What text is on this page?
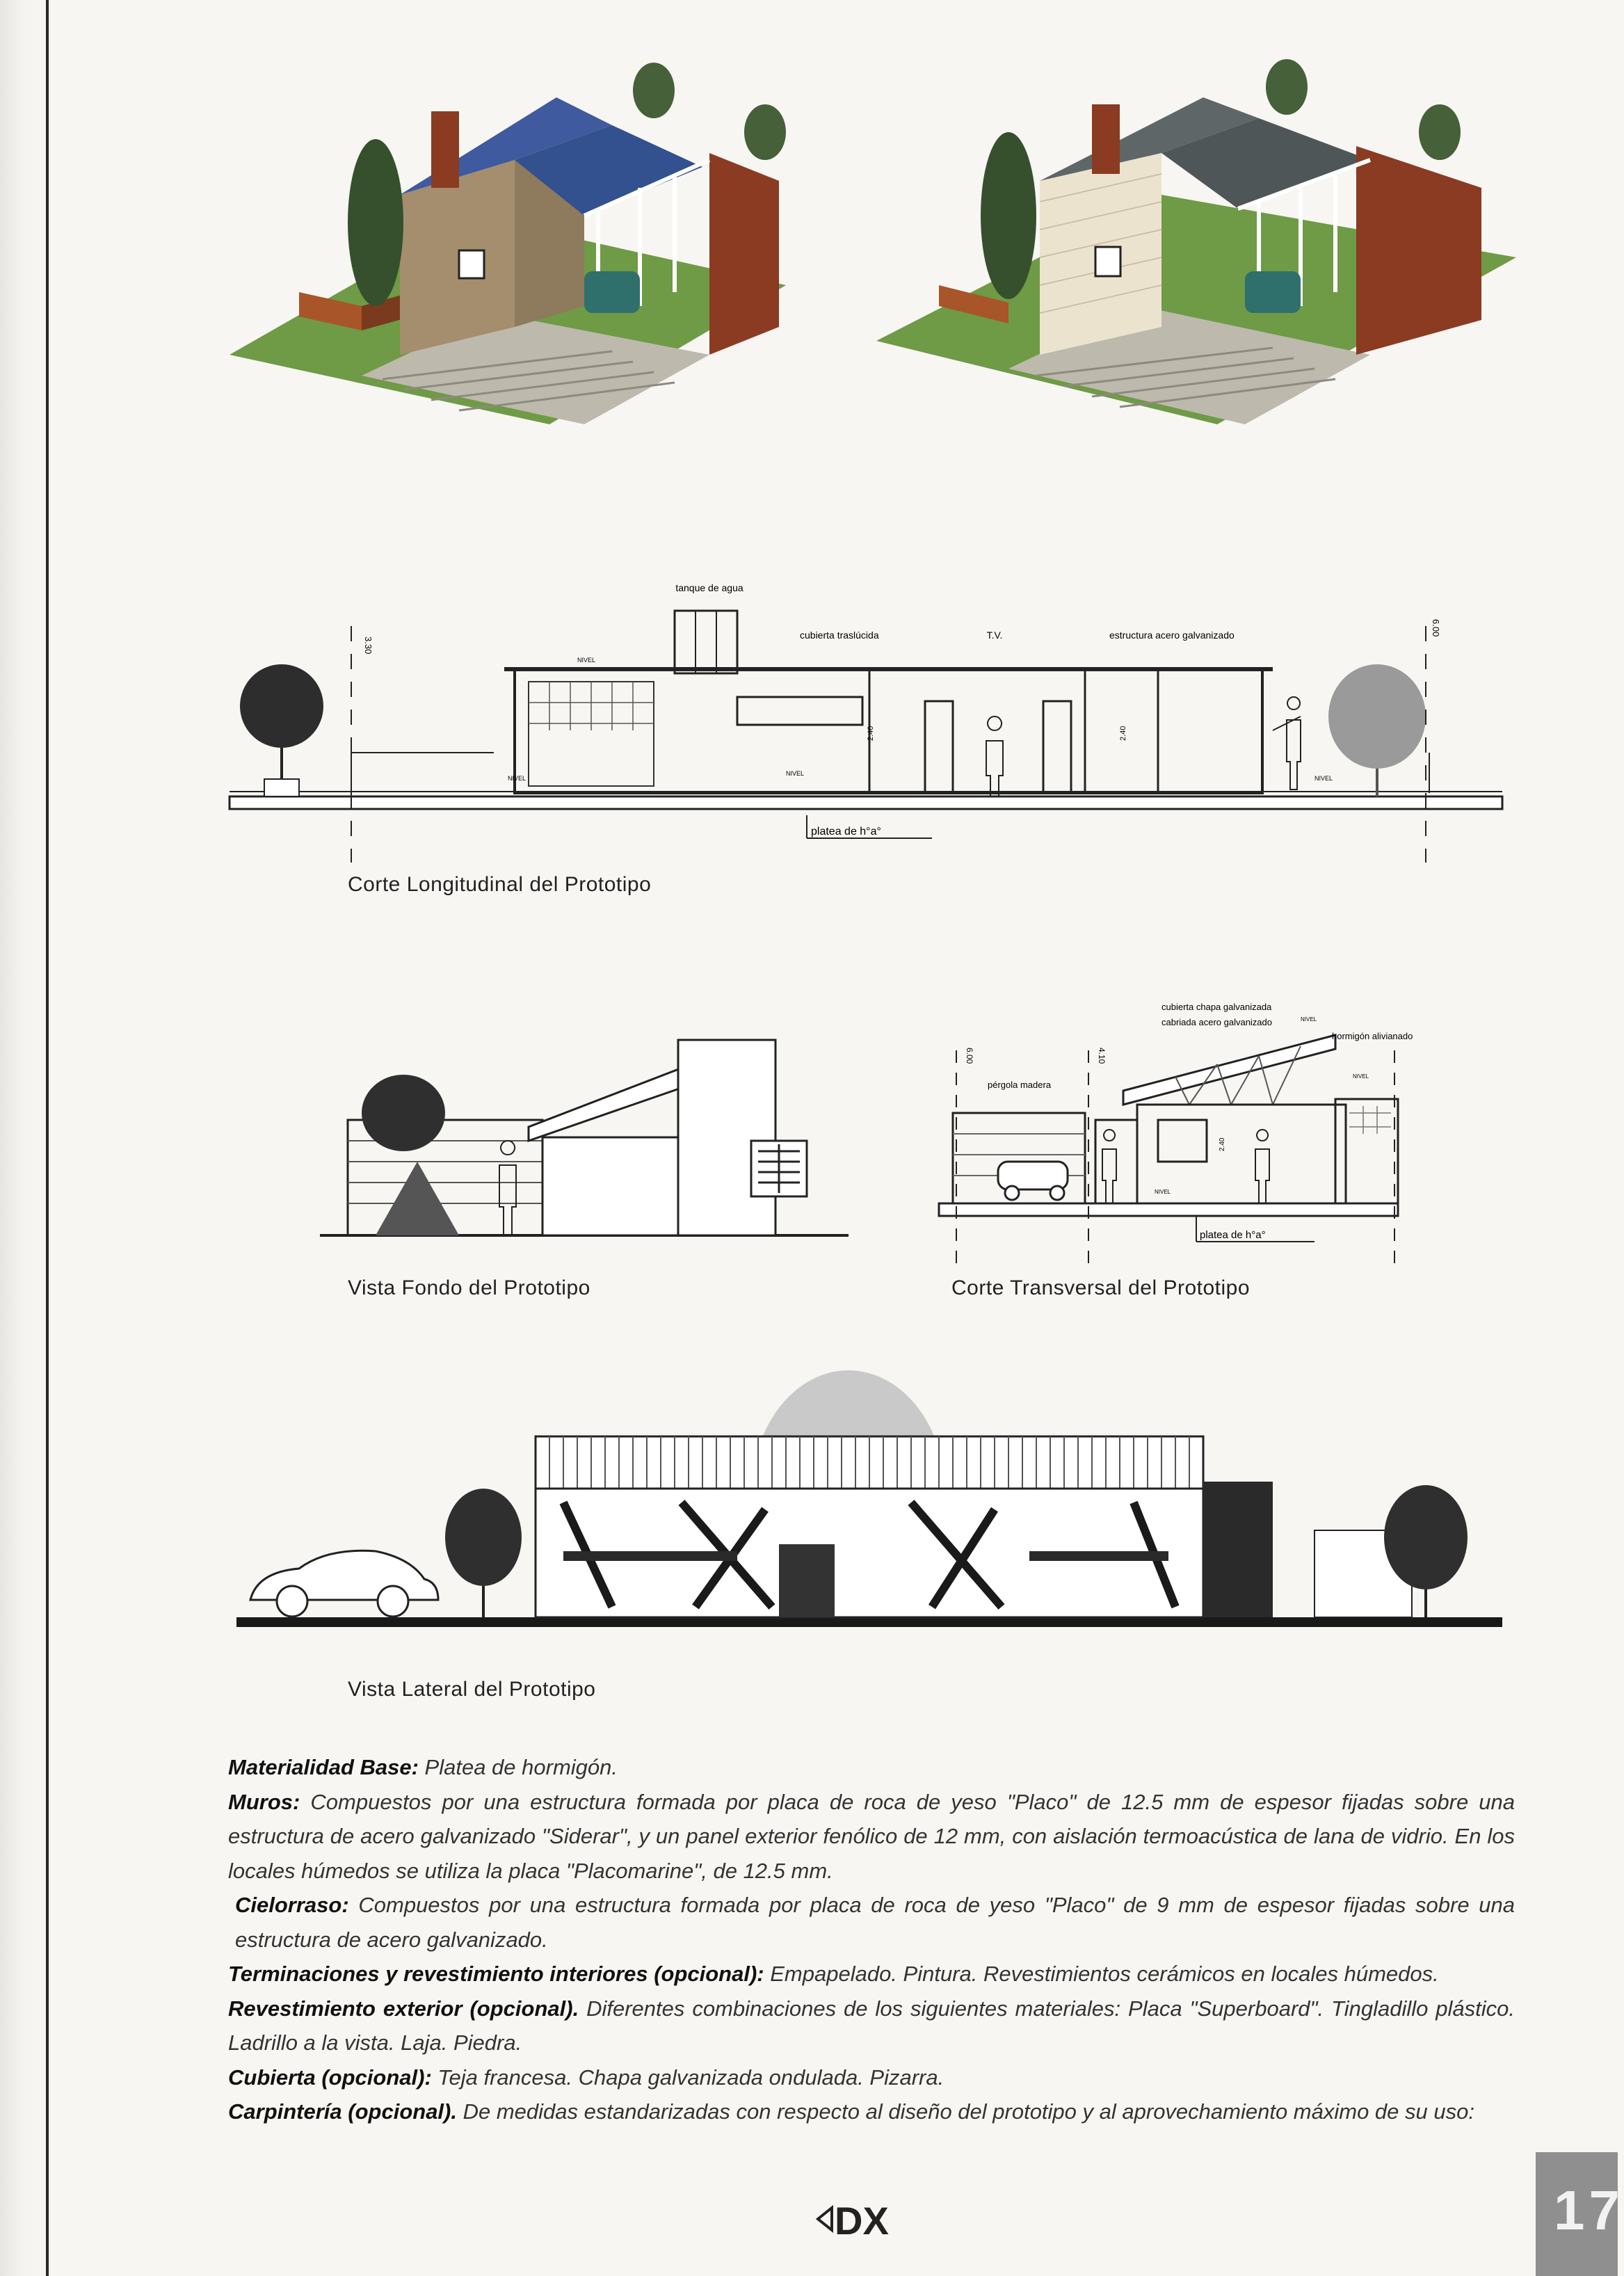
tanque de agua
cubierta traslúcida	T.V.	estructura acero galvanizado
platea de h°a°
NIVEL
NIVEL
NIVEL
NIVEL
3.30
6.00
2.40	2.40
Corte Longitudinal del Prototipo
Vista Fondo del Prototipo
cubierta chapa galvanizada
cabriada acero galvanizado
hormigón alivianado
pérgola madera
platea de h°a°
NIVEL
NIVEL
NIVEL
6.00	4.10
2.40
Corte Transversal del Prototipo
Vista Lateral del Prototipo

Materialidad Base: Platea de hormigón.

Muros: Compuestos por una estructura formada por placa de roca de yeso "Placo" de 12.5 mm de espesor fijadas sobre una estructura de acero galvanizado "Siderar", y un panel exterior fenólico de 12 mm, con aislación termoacústica de lana de vidrio. En los locales húmedos se utiliza la placa "Placomarine", de 12.5 mm.

Cielorraso: Compuestos por una estructura formada por placa de roca de yeso "Placo" de 9 mm de espesor fijadas sobre una estructura de acero galvanizado.

Terminaciones y revestimiento interiores (opcional): Empapelado. Pintura. Revestimientos cerámicos en locales húmedos.

Revestimiento exterior (opcional). Diferentes combinaciones de los siguientes materiales: Placa "Superboard". Tingladillo plástico. Ladrillo a la vista. Laja. Piedra.

Cubierta (opcional): Teja francesa. Chapa galvanizada ondulada. Pizarra.

Carpintería (opcional). De medidas estandarizadas con respecto al diseño del prototipo y al aprovechamiento máximo de su uso:

DX	17
